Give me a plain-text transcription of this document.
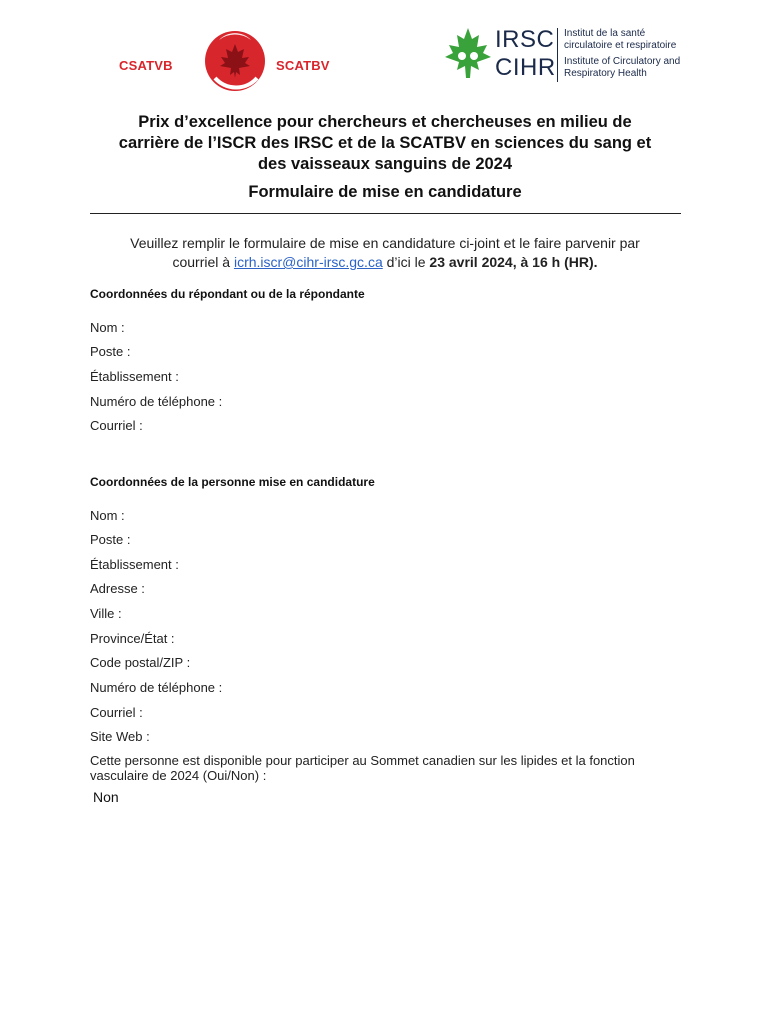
CSATVB	SCATBV
IRSC
CIHR
Institut de la santé circulatoire et respiratoire
Institute of Circulatory and Respiratory Health
Prix d’excellence pour chercheurs et chercheuses en milieu de
carrière de l’ISCR des IRSC et de la SCATBV en sciences du sang et
des vaisseaux sanguins de 2024
Formulaire de mise en candidature
Veuillez remplir le formulaire de mise en candidature ci-joint et le faire parvenir par
courriel à icrh.iscr@cihr-irsc.gc.ca d’ici le 23 avril 2024, à 16 h (HR).
Coordonnées du répondant ou de la répondante
Nom :
Poste :
Établissement :
Numéro de téléphone :
Courriel :
Coordonnées de la personne mise en candidature
Nom :
Poste :
Établissement :
Adresse :
Ville :
Province/État :
Code postal/ZIP :
Numéro de téléphone :
Courriel :
Site Web :
Cette personne est disponible pour participer au Sommet canadien sur les lipides et la fonction vasculaire de 2024 (Oui/Non) :
Non
